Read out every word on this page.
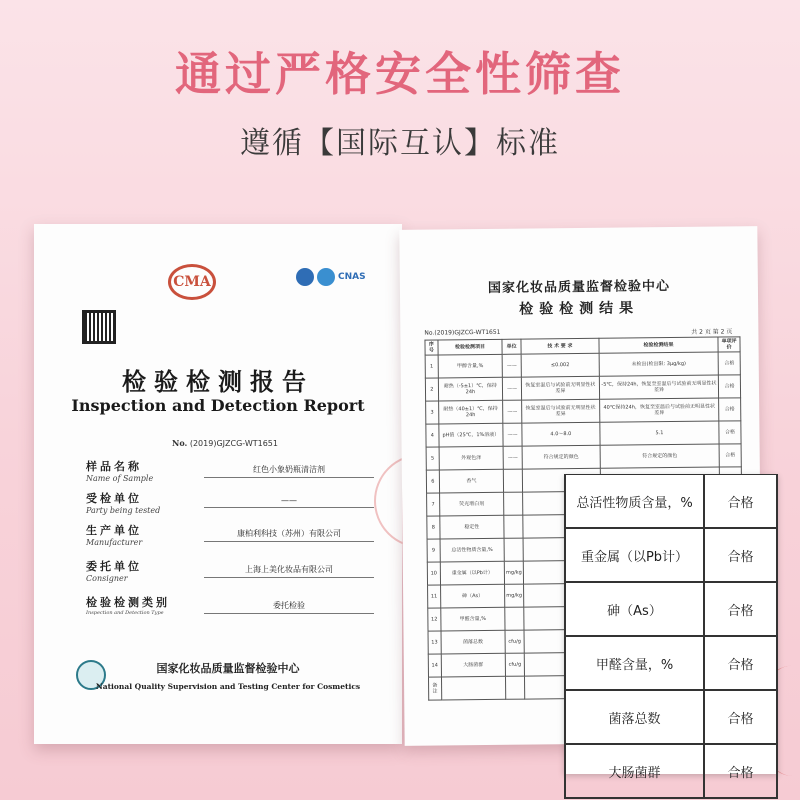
通过严格安全性筛查
遵循【国际互认】标准
CMA	CNAS
检验检测报告
Inspection and Detection Report
No. (2019)GJZCG-WT1651
样品名称
Name of Sample
红色小象奶瓶清洁剂
受检单位
Party being tested
——
生产单位
Manufacturer
康柏利科技（苏州）有限公司
委托单位
Consigner
上海上美化妆品有限公司
检验检测类别
Inspection and Detection Type
委托检验
国家化妆品质量监督检验中心
National Quality Supervision and Testing Center for Cosmetics
国家化妆品质量监督检验中心
检验检测结果
No.(2019)GJZCG-WT1651	共 2 页 第 2 页
序号	检验检测项目	单位	技 术 要 求	检验检测结果	单项评价
1	甲醇含量,%	——	≤0.002	未检出(检出限: 3μg/kg)	合格
2	耐热（-5±1）℃，保持24h	——	恢复室温后与试验前无明显性状差异	-5℃，保持24h，恢复至室温后与试验前无明显性状差异	合格
3	耐热（40±1）℃，保持24h	——	恢复室温后与试验前无明显性状差异	40℃保持24h，恢复至室温后与试验前无明显性状差异	合格
4	pH值（25℃，1%溶液）	——	4.0～8.0	5.1	合格
5	外观色泽	——	符合规定的颜色	符合规定的颜色	合格
6	香气				
7	荧光增白剂				
8	稳定性				
9	总活性物质含量,%				
10	重金属（以Pb计）	mg/kg			
11	砷（As）	mg/kg			
12	甲醛含量,%				
13	菌落总数	cfu/g			
14	大肠菌群	cfu/g			
备注					
总活性物质含量，%	合格
重金属（以Pb计）	合格
砷（As）	合格
甲醛含量，%	合格
菌落总数	合格
大肠菌群	合格
